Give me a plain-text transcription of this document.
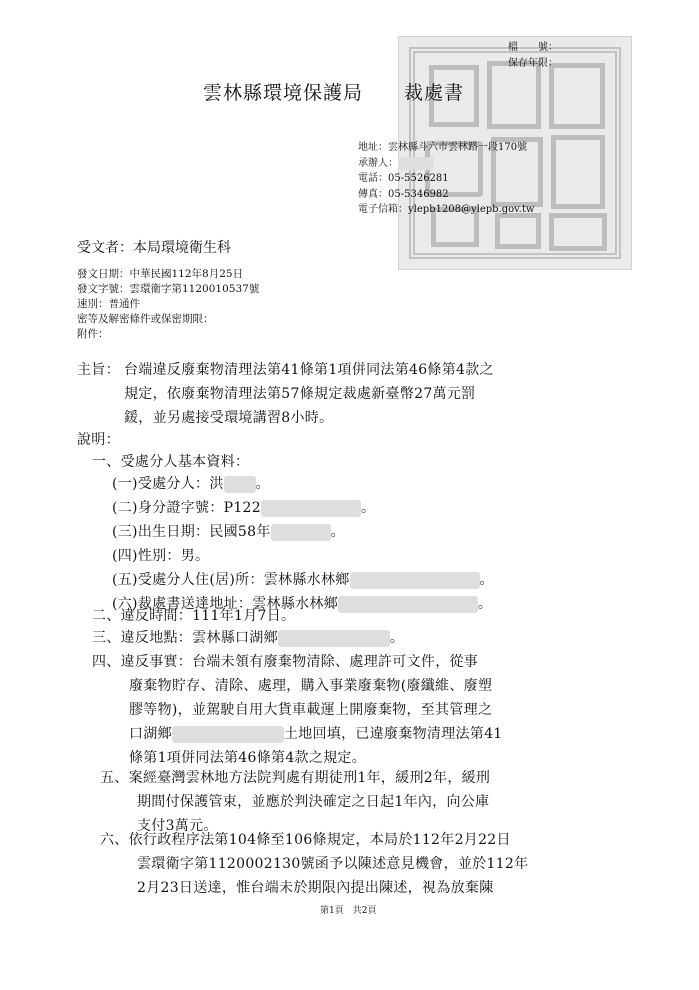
檔　　號：
保存年限：
雲林縣環境保護局 裁處書
地址：雲林縣斗六市雲林路一段170號
承辦人：
電話：05-5526281
傳真：05-5346982
電子信箱：ylepb1208@ylepb.gov.tw
受文者：本局環境衛生科
發文日期：中華民國112年8月25日
發文字號：雲環衛字第1120010537號
速別：普通件
密等及解密條件或保密期限：
附件：
主旨： 台端違反廢棄物清理法第41條第1項併同法第46條第4款之
規定，依廢棄物清理法第57條規定裁處新臺幣27萬元罰
鍰，並另處接受環境講習8小時。
說明：
一、受處分人基本資料：
(一)受處分人：洪 。
(二)身分證字號：P122	。
(三)出生日期：民國58年	。
(四)性別：男。
(五)受處分人住(居)所：雲林縣水林鄉	。
(六)裁處書送達地址：雲林縣水林鄉	。
二、違反時間：111年1月7日。
三、違反地點：雲林縣口湖鄉	。
四、違反事實：台端未領有廢棄物清除、處理許可文件，從事
廢棄物貯存、清除、處理，購入事業廢棄物(廢纖維、廢塑
膠等物)，並駕駛自用大貨車載運上開廢棄物，至其管理之
口湖鄉	土地回填，已違廢棄物清理法第41
條第1項併同法第46條第4款之規定。
五、案經臺灣雲林地方法院判處有期徒刑1年，緩刑2年，緩刑
期間付保護管束，並應於判決確定之日起1年內，向公庫
支付3萬元。
六、依行政程序法第104條至106條規定，本局於112年2月22日
雲環衛字第1120002130號函予以陳述意見機會，並於112年
2月23日送達，惟台端未於期限內提出陳述，視為放棄陳
第1頁　共2頁
